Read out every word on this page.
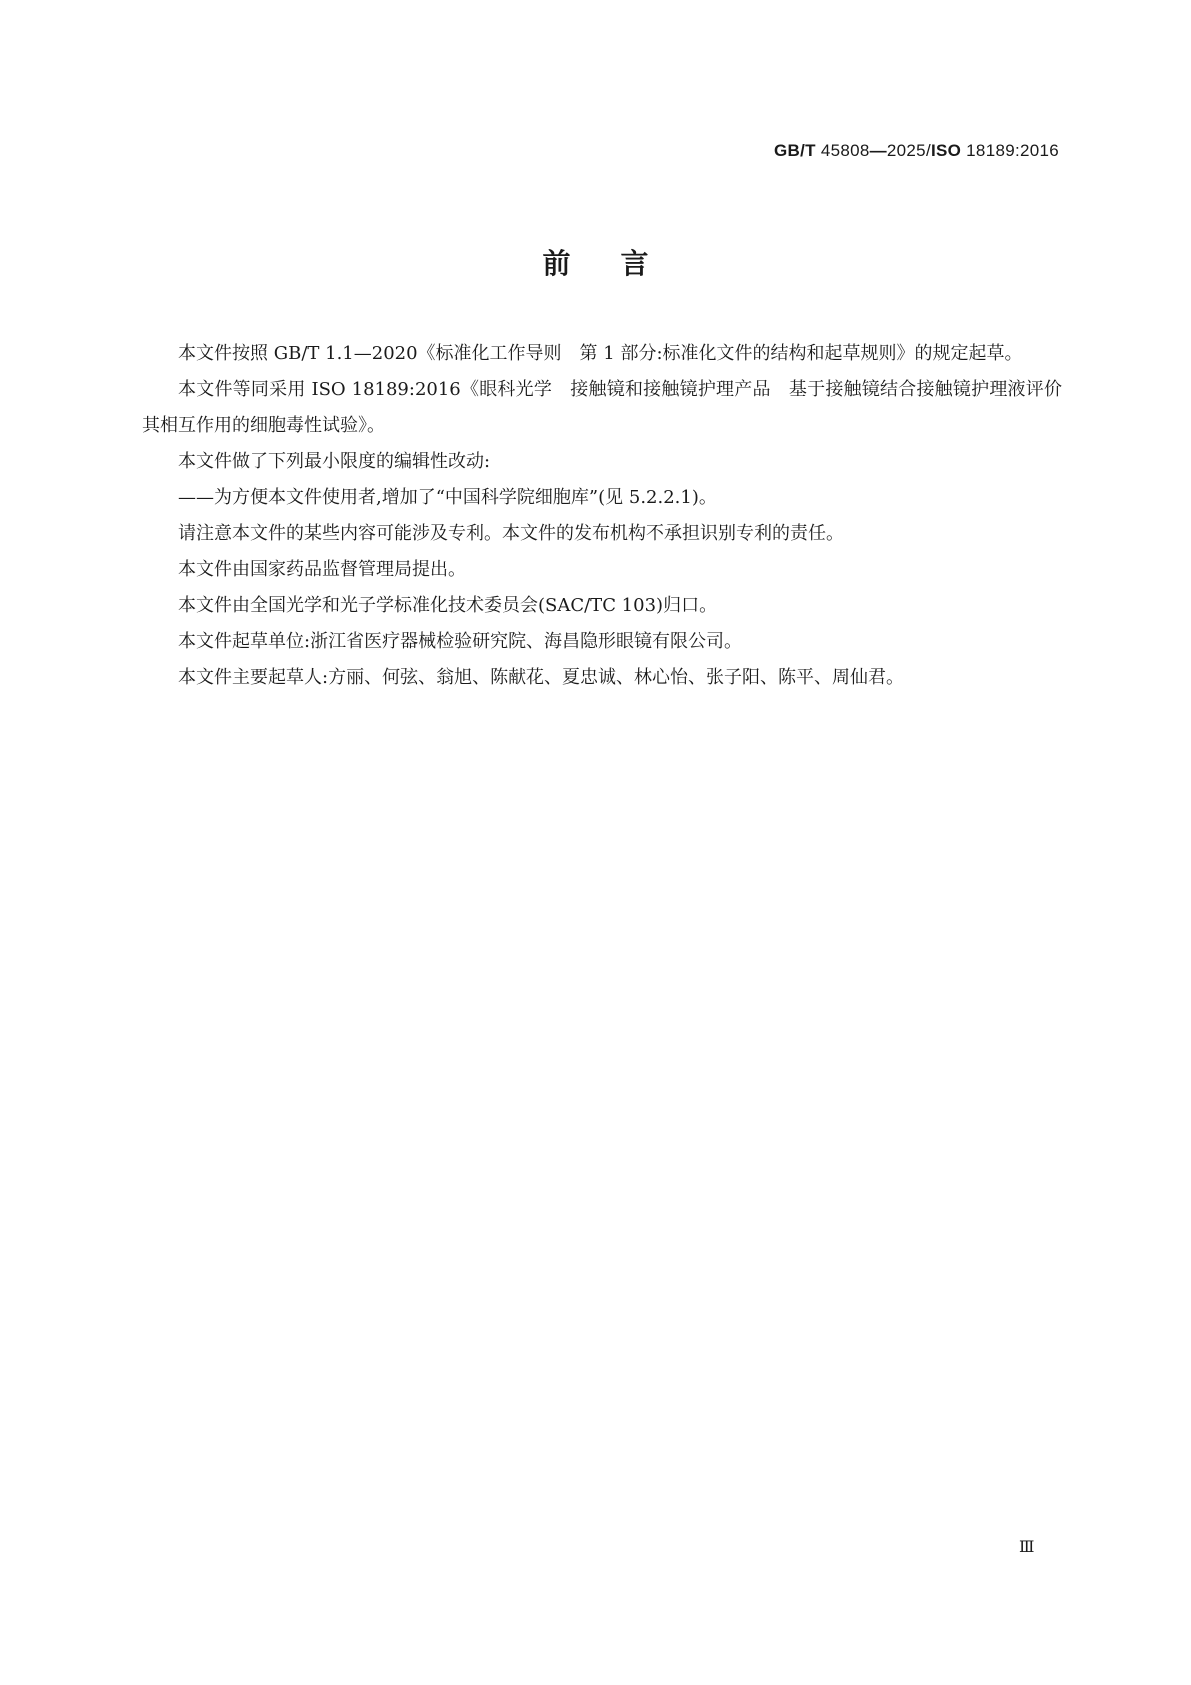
GB/T 45808—2025/ISO 18189:2016
前言

本文件按照 GB/T 1.1—2020《标准化工作导则　第 1 部分:标准化文件的结构和起草规则》的规定起草。

本文件等同采用 ISO 18189:2016《眼科光学　接触镜和接触镜护理产品　基于接触镜结合接触镜护理液评价其相互作用的细胞毒性试验》。

本文件做了下列最小限度的编辑性改动:

——为方便本文件使用者,增加了“中国科学院细胞库”(见 5.2.2.1)。

请注意本文件的某些内容可能涉及专利。本文件的发布机构不承担识别专利的责任。

本文件由国家药品监督管理局提出。

本文件由全国光学和光子学标准化技术委员会(SAC/TC 103)归口。

本文件起草单位:浙江省医疗器械检验研究院、海昌隐形眼镜有限公司。

本文件主要起草人:方丽、何弦、翁旭、陈献花、夏忠诚、林心怡、张子阳、陈平、周仙君。

Ⅲ
